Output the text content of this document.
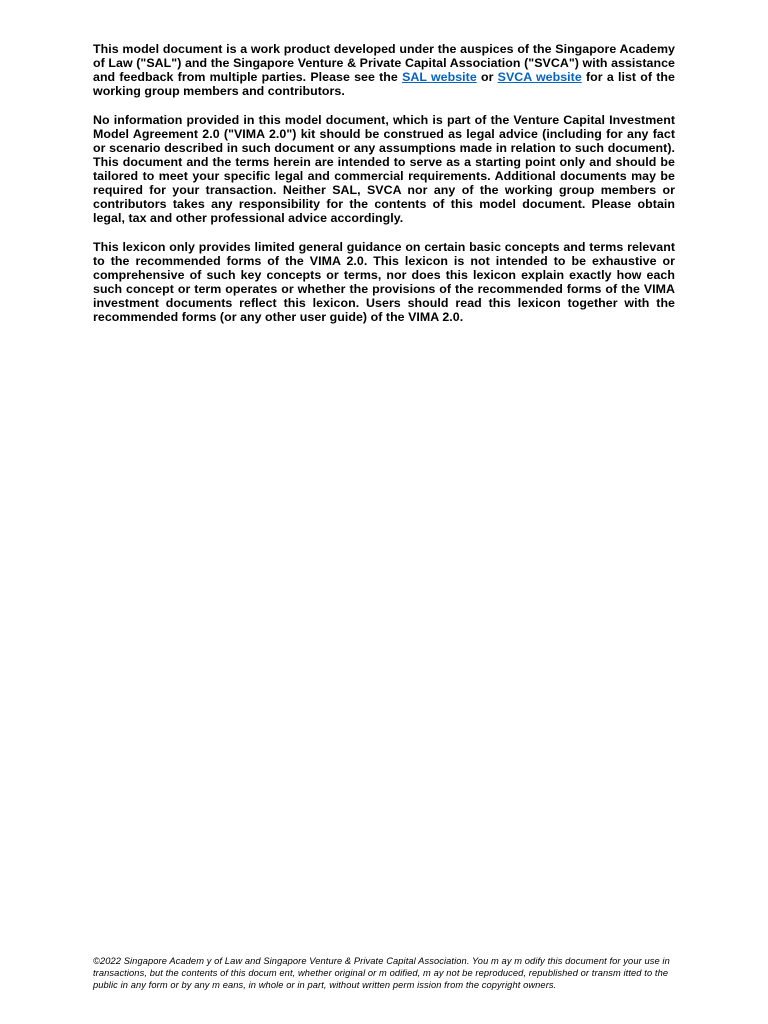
This model document is a work product developed under the auspices of the Singapore Academy of Law ("SAL") and the Singapore Venture & Private Capital Association ("SVCA") with assistance and feedback from multiple parties. Please see the SAL website or SVCA website for a list of the working group members and contributors.

No information provided in this model document, which is part of the Venture Capital Investment Model Agreement 2.0 ("VIMA 2.0") kit should be construed as legal advice (including for any fact or scenario described in such document or any assumptions made in relation to such document). This document and the terms herein are intended to serve as a starting point only and should be tailored to meet your specific legal and commercial requirements. Additional documents may be required for your transaction. Neither SAL, SVCA nor any of the working group members or contributors takes any responsibility for the contents of this model document. Please obtain legal, tax and other professional advice accordingly.

This lexicon only provides limited general guidance on certain basic concepts and terms relevant to the recommended forms of the VIMA 2.0. This lexicon is not intended to be exhaustive or comprehensive of such key concepts or terms, nor does this lexicon explain exactly how each such concept or term operates or whether the provisions of the recommended forms of the VIMA investment documents reflect this lexicon. Users should read this lexicon together with the recommended forms (or any other user guide) of the VIMA 2.0.

©2022 Singapore Academ y of Law and Singapore Venture & Private Capital Association. You m ay m odify this document for your use in transactions, but the contents of this docum ent, whether original or m odified, m ay not be reproduced, republished or transm itted to the public in any form or by any m eans, in whole or in part, without written perm ission from the copyright owners.
